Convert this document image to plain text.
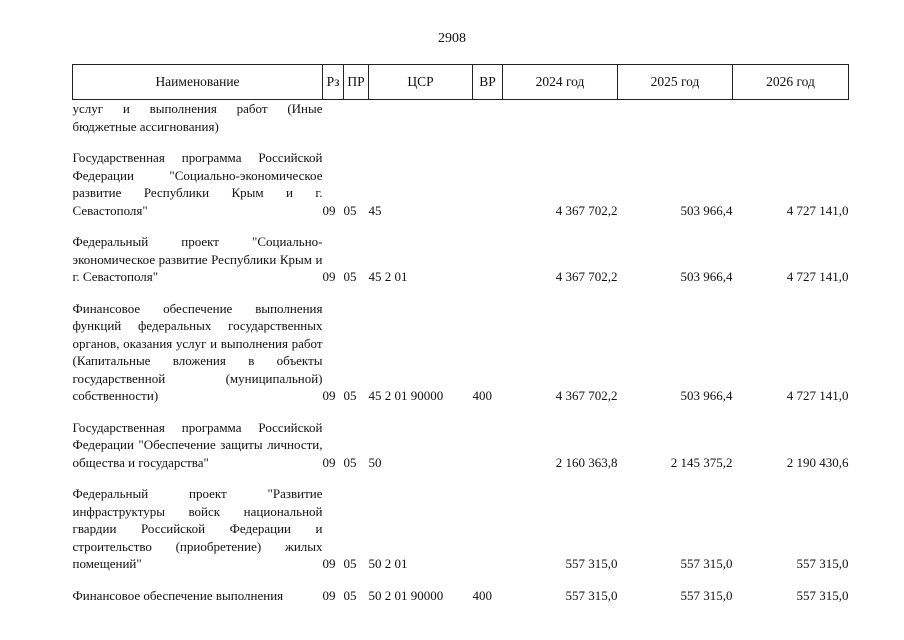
2908
Наименование	Рз	ПР	ЦСР	ВР	2024 год	2025 год	2026 год
услуг и выполнения работ (Иные бюджетные ассигнования)							
Государственная программа Российской Федерации "Социально-экономическое развитие Республики Крым и г. Севастополя"	09	05	45		4 367 702,2	503 966,4	4 727 141,0
Федеральный проект "Социально-экономическое развитие Республики Крым и г. Севастополя"	09	05	45 2 01		4 367 702,2	503 966,4	4 727 141,0
Финансовое обеспечение выполнения функций федеральных государственных органов, оказания услуг и выполнения работ (Капитальные вложения в объекты государственной (муниципальной) собственности)	09	05	45 2 01 90000	400	4 367 702,2	503 966,4	4 727 141,0
Государственная программа Российской Федерации "Обеспечение защиты личности, общества и государства"	09	05	50		2 160 363,8	2 145 375,2	2 190 430,6
Федеральный проект "Развитие инфраструктуры войск национальной гвардии Российской Федерации и строительство (приобретение) жилых помещений"	09	05	50 2 01		557 315,0	557 315,0	557 315,0
Финансовое обеспечение выполнения	09	05	50 2 01 90000	400	557 315,0	557 315,0	557 315,0
